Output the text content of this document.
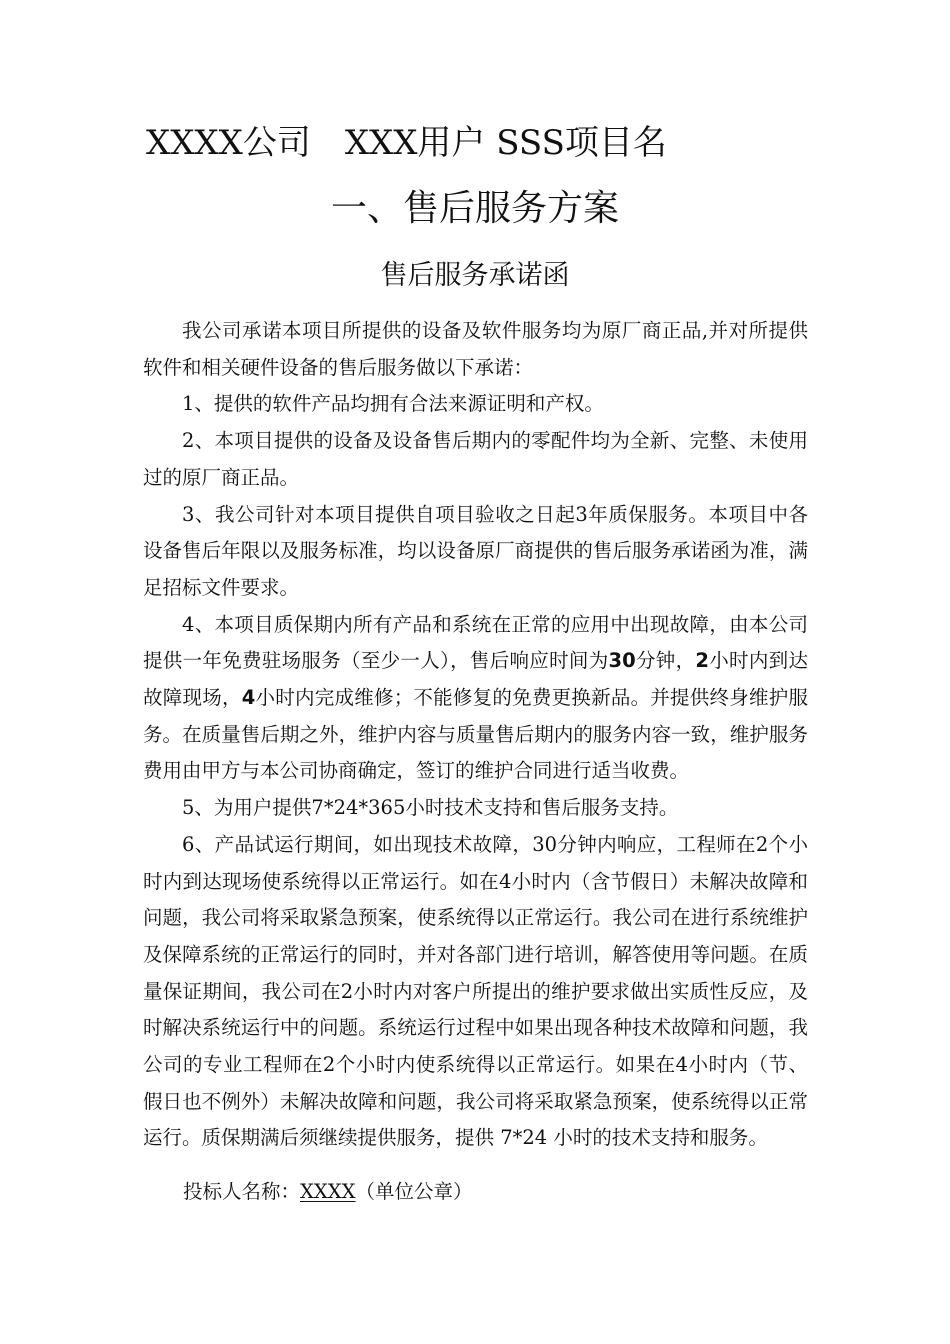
XXXX公司　XXX用户 SSS项目名
一、售后服务方案
售后服务承诺函

我公司承诺本项目所提供的设备及软件服务均为原厂商正品,并对所提供软件和相关硬件设备的售后服务做以下承诺：

1、提供的软件产品均拥有合法来源证明和产权。

2、本项目提供的设备及设备售后期内的零配件均为全新、完整、未使用过的原厂商正品。

3、我公司针对本项目提供自项目验收之日起3年质保服务。本项目中各设备售后年限以及服务标准，均以设备原厂商提供的售后服务承诺函为准，满足招标文件要求。

4、本项目质保期内所有产品和系统在正常的应用中出现故障，由本公司提供一年免费驻场服务（至少一人），售后响应时间为30分钟，2小时内到达故障现场，4小时内完成维修；不能修复的免费更换新品。并提供终身维护服务。在质量售后期之外，维护内容与质量售后期内的服务内容一致，维护服务费用由甲方与本公司协商确定，签订的维护合同进行适当收费。

5、为用户提供7*24*365小时技术支持和售后服务支持。

6、产品试运行期间，如出现技术故障，30分钟内响应，工程师在2个小时内到达现场使系统得以正常运行。如在4小时内（含节假日）未解决故障和问题，我公司将采取紧急预案，使系统得以正常运行。我公司在进行系统维护及保障系统的正常运行的同时，并对各部门进行培训，解答使用等问题。在质量保证期间，我公司在2小时内对客户所提出的维护要求做出实质性反应，及时解决系统运行中的问题。系统运行过程中如果出现各种技术故障和问题，我公司的专业工程师在2个小时内使系统得以正常运行。如果在4小时内（节、假日也不例外）未解决故障和问题，我公司将采取紧急预案，使系统得以正常运行。质保期满后须继续提供服务，提供 7*24 小时的技术支持和服务。

投标人名称：XXXX（单位公章）
